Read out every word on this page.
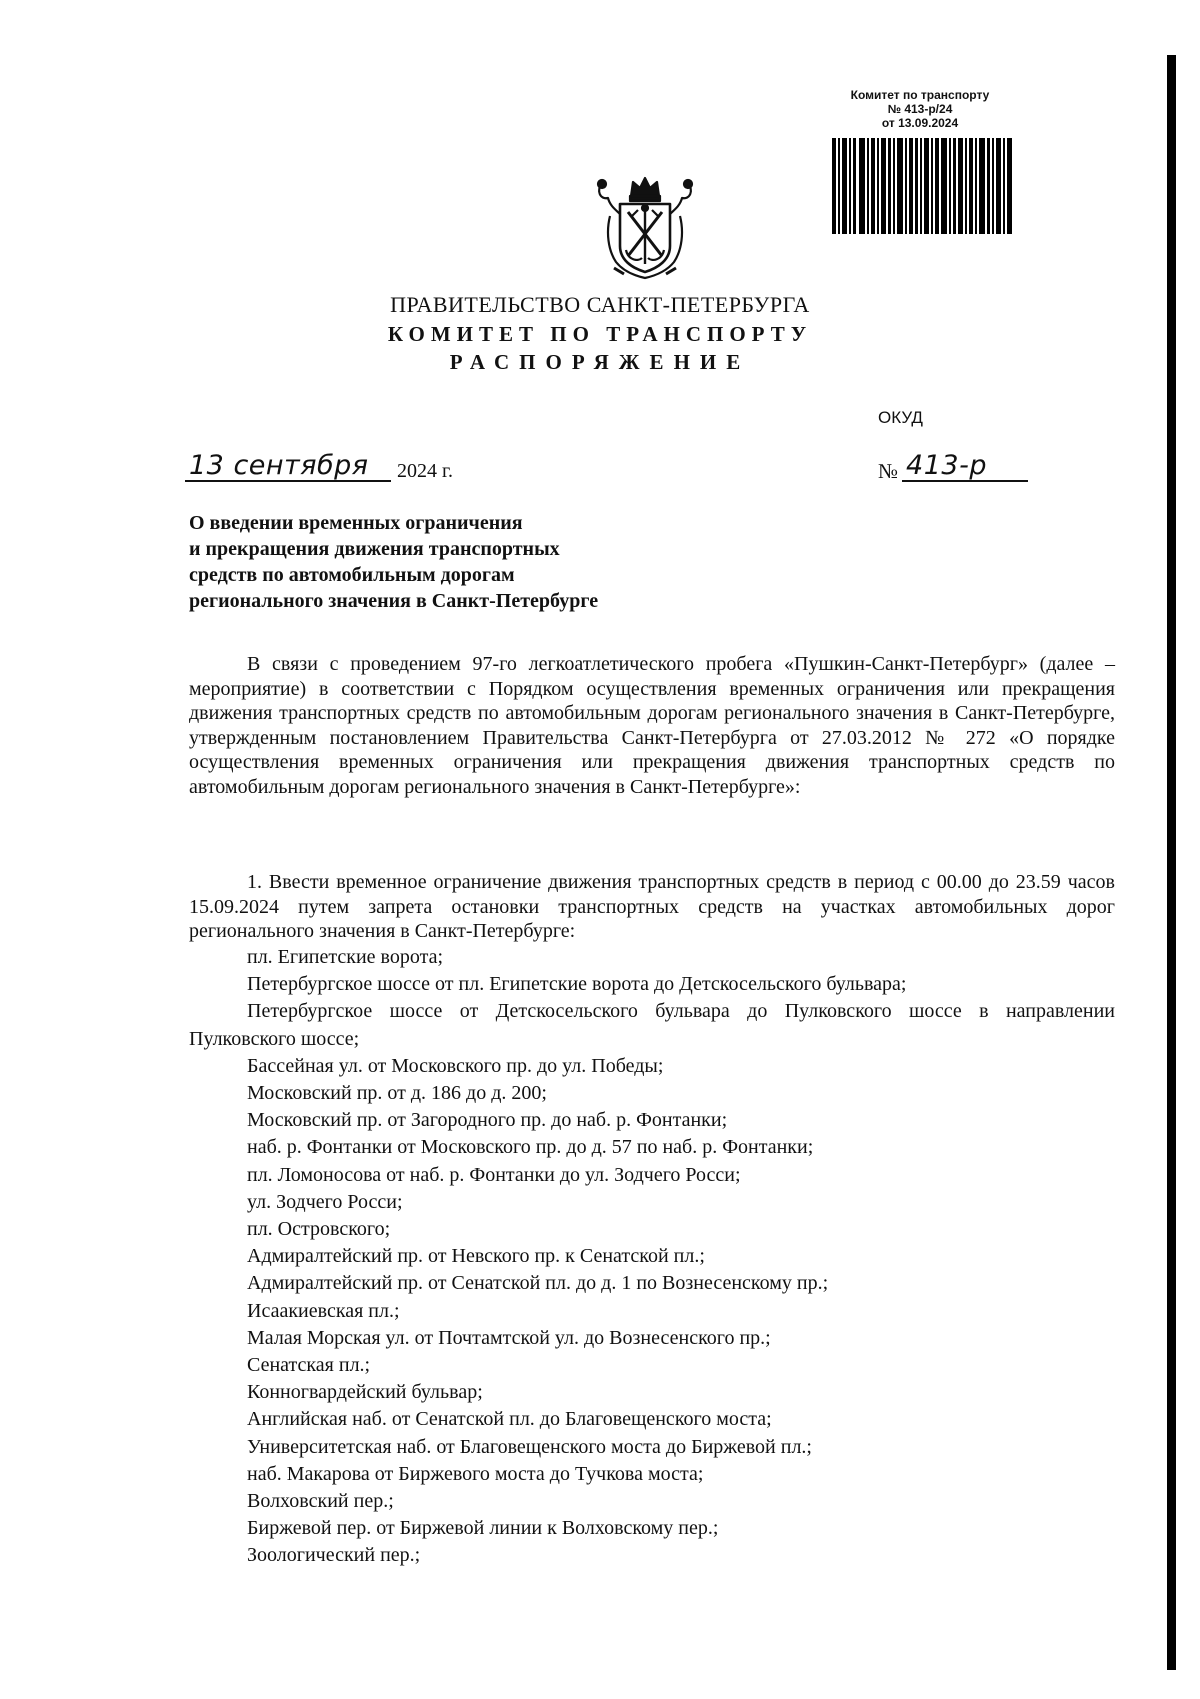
Комитет по транспорту
№ 413-р/24
от 13.09.2024
ПРАВИТЕЛЬСТВО САНКТ-ПЕТЕРБУРГА
КОМИТЕТ ПО ТРАНСПОРТУ
РАСПОРЯЖЕНИЕ
ОКУД
13 сентября	2024 г.	№ 413-р
О введении временных ограничения
и прекращения движения транспортных
средств по автомобильным дорогам
регионального значения в Санкт-Петербурге

В связи с проведением 97-го легкоатлетического пробега «Пушкин-Санкт-Петербург» (далее – мероприятие) в соответствии с Порядком осуществления временных ограничения или прекращения движения транспортных средств по автомобильным дорогам регионального значения в Санкт-Петербурге, утвержденным постановлением Правительства Санкт-Петербурга от 27.03.2012 № 272 «О порядке осуществления временных ограничения или прекращения движения транспортных средств по автомобильным дорогам регионального значения в Санкт-Петербурге»:

1. Ввести временное ограничение движения транспортных средств в период с 00.00 до 23.59 часов 15.09.2024 путем запрета остановки транспортных средств на участках автомобильных дорог регионального значения в Санкт-Петербурге:

пл. Египетские ворота;
Петербургское шоссе от пл. Египетские ворота до Детскосельского бульвара;
Петербургское шоссе от Детскосельского бульвара до Пулковского шоссе в направлении Пулковского шоссе;
Бассейная ул. от Московского пр. до ул. Победы;
Московский пр. от д. 186 до д. 200;
Московский пр. от Загородного пр. до наб. р. Фонтанки;
наб. р. Фонтанки от Московского пр. до д. 57 по наб. р. Фонтанки;
пл. Ломоносова от наб. р. Фонтанки до ул. Зодчего Росси;
ул. Зодчего Росси;
пл. Островского;
Адмиралтейский пр. от Невского пр. к Сенатской пл.;
Адмиралтейский пр. от Сенатской пл. до д. 1 по Вознесенскому пр.;
Исаакиевская пл.;
Малая Морская ул. от Почтамтской ул. до Вознесенского пр.;
Сенатская пл.;
Конногвардейский бульвар;
Английская наб. от Сенатской пл. до Благовещенского моста;
Университетская наб. от Благовещенского моста до Биржевой пл.;
наб. Макарова от Биржевого моста до Тучкова моста;
Волховский пер.;
Биржевой пер. от Биржевой линии к Волховскому пер.;
Зоологический пер.;
